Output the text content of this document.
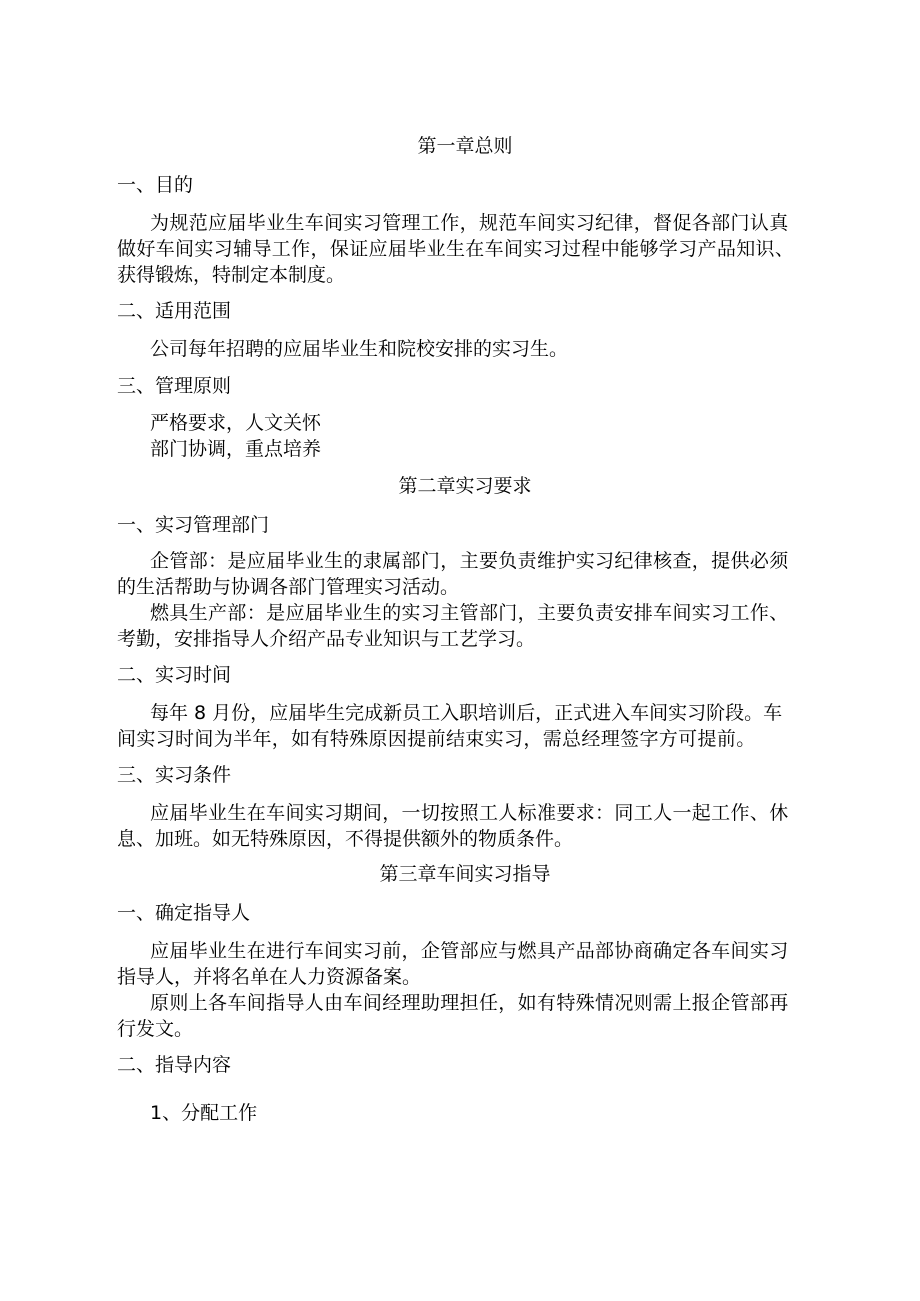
第一章总则
一、目的
为规范应届毕业生车间实习管理工作，规范车间实习纪律，督促各部门认真
做好车间实习辅导工作，保证应届毕业生在车间实习过程中能够学习产品知识、
获得锻炼，特制定本制度。
二、适用范围
公司每年招聘的应届毕业生和院校安排的实习生。
三、管理原则
严格要求，人文关怀
部门协调，重点培养
第二章实习要求
一、实习管理部门
企管部：是应届毕业生的隶属部门，主要负责维护实习纪律核查，提供必须
的生活帮助与协调各部门管理实习活动。
燃具生产部：是应届毕业生的实习主管部门，主要负责安排车间实习工作、
考勤，安排指导人介绍产品专业知识与工艺学习。
二、实习时间
每年 8 月份，应届毕生完成新员工入职培训后，正式进入车间实习阶段。车
间实习时间为半年，如有特殊原因提前结束实习，需总经理签字方可提前。
三、实习条件
应届毕业生在车间实习期间，一切按照工人标准要求：同工人一起工作、休
息、加班。如无特殊原因，不得提供额外的物质条件。
第三章车间实习指导
一、确定指导人
应届毕业生在进行车间实习前，企管部应与燃具产品部协商确定各车间实习
指导人，并将名单在人力资源备案。
原则上各车间指导人由车间经理助理担任，如有特殊情况则需上报企管部再
行发文。
二、指导内容
1、分配工作
